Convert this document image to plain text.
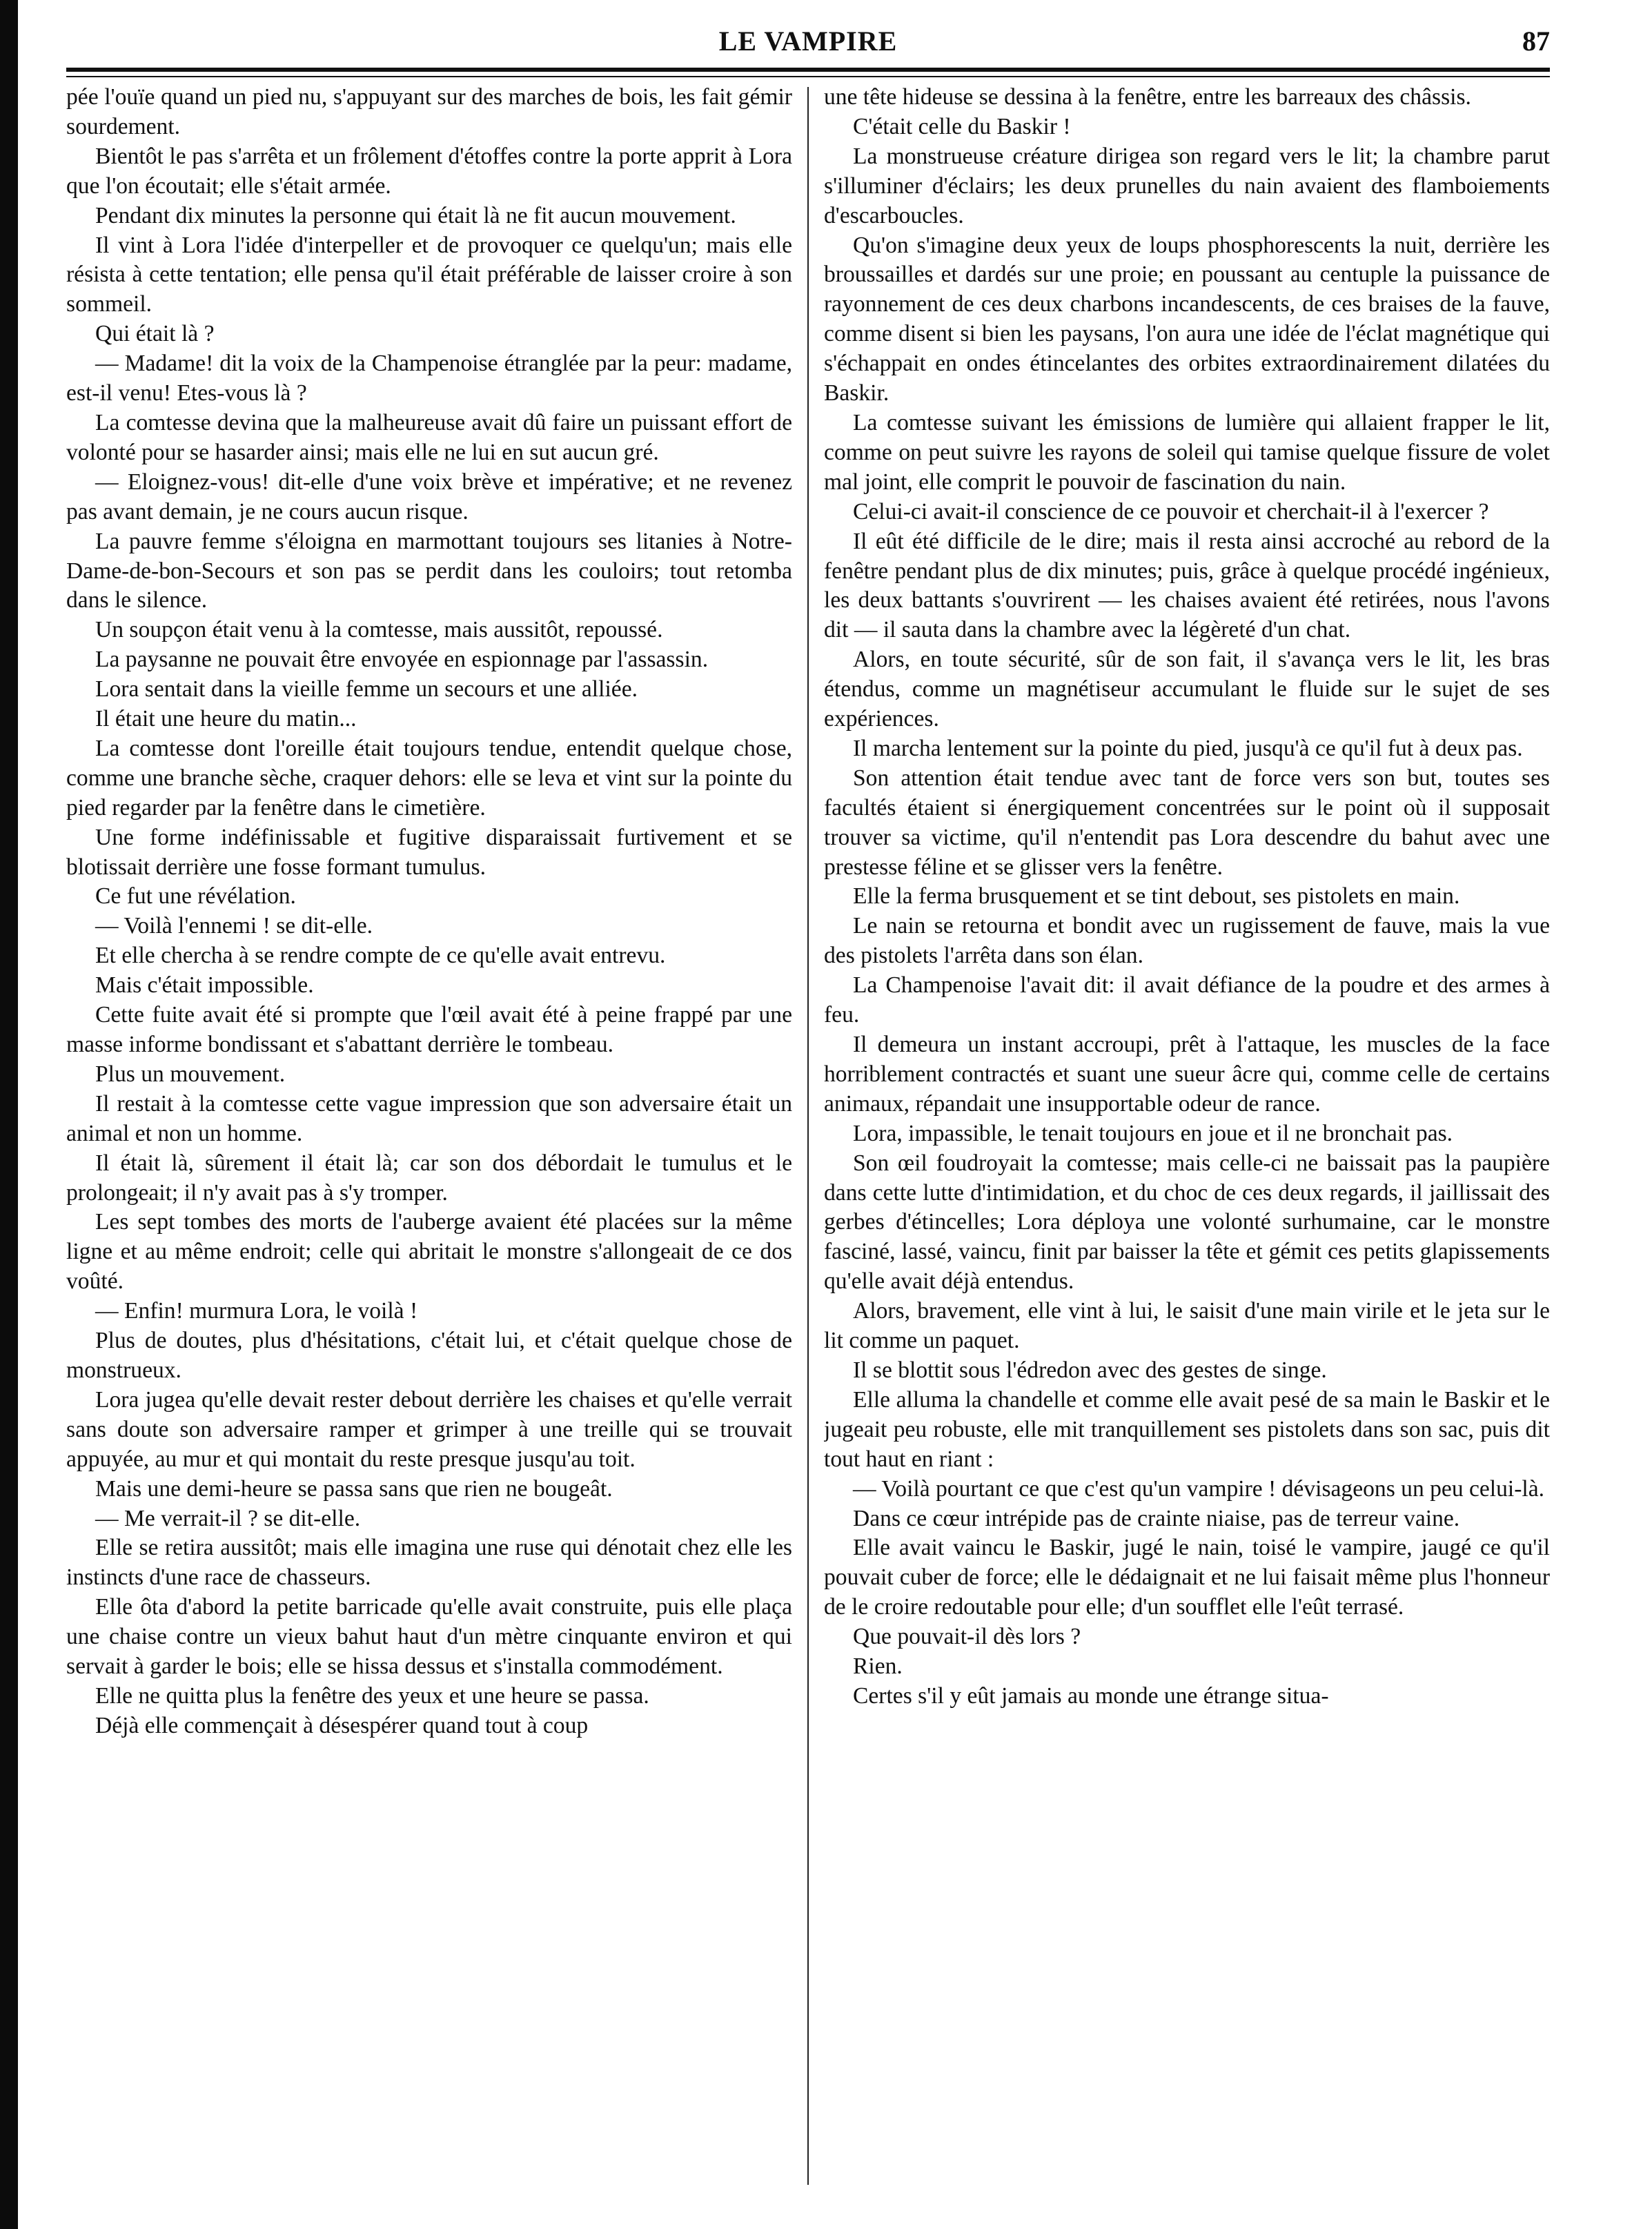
LE VAMPIRE	87

pée l'ouïe quand un pied nu, s'appuyant sur des marches de bois, les fait gémir sourdement.

Bientôt le pas s'arrêta et un frôlement d'étoffes contre la porte apprit à Lora que l'on écoutait; elle s'était armée.

Pendant dix minutes la personne qui était là ne fit aucun mouvement.

Il vint à Lora l'idée d'interpeller et de provoquer ce quelqu'un; mais elle résista à cette tentation; elle pensa qu'il était préférable de laisser croire à son sommeil.

Qui était là ?

— Madame! dit la voix de la Champenoise étranglée par la peur: madame, est-il venu! Etes-vous là ?

La comtesse devina que la malheureuse avait dû faire un puissant effort de volonté pour se hasarder ainsi; mais elle ne lui en sut aucun gré.

— Eloignez-vous! dit-elle d'une voix brève et impérative; et ne revenez pas avant demain, je ne cours aucun risque.

La pauvre femme s'éloigna en marmottant toujours ses litanies à Notre-Dame-de-bon-Secours et son pas se perdit dans les couloirs; tout retomba dans le silence.

Un soupçon était venu à la comtesse, mais aussitôt, repoussé.

La paysanne ne pouvait être envoyée en espionnage par l'assassin.

Lora sentait dans la vieille femme un secours et une alliée.

Il était une heure du matin...

La comtesse dont l'oreille était toujours tendue, entendit quelque chose, comme une branche sèche, craquer dehors: elle se leva et vint sur la pointe du pied regarder par la fenêtre dans le cimetière.

Une forme indéfinissable et fugitive disparaissait furtivement et se blotissait derrière une fosse formant tumulus.

Ce fut une révélation.

— Voilà l'ennemi ! se dit-elle.

Et elle chercha à se rendre compte de ce qu'elle avait entrevu.

Mais c'était impossible.

Cette fuite avait été si prompte que l'œil avait été à peine frappé par une masse informe bondissant et s'abattant derrière le tombeau.

Plus un mouvement.

Il restait à la comtesse cette vague impression que son adversaire était un animal et non un homme.

Il était là, sûrement il était là; car son dos débordait le tumulus et le prolongeait; il n'y avait pas à s'y tromper.

Les sept tombes des morts de l'auberge avaient été placées sur la même ligne et au même endroit; celle qui abritait le monstre s'allongeait de ce dos voûté.

— Enfin! murmura Lora, le voilà !

Plus de doutes, plus d'hésitations, c'était lui, et c'était quelque chose de monstrueux.

Lora jugea qu'elle devait rester debout derrière les chaises et qu'elle verrait sans doute son adversaire ramper et grimper à une treille qui se trouvait appuyée, au mur et qui montait du reste presque jusqu'au toit.

Mais une demi-heure se passa sans que rien ne bougeât.

— Me verrait-il ? se dit-elle.

Elle se retira aussitôt; mais elle imagina une ruse qui dénotait chez elle les instincts d'une race de chasseurs.

Elle ôta d'abord la petite barricade qu'elle avait construite, puis elle plaça une chaise contre un vieux bahut haut d'un mètre cinquante environ et qui servait à garder le bois; elle se hissa dessus et s'installa commodément.

Elle ne quitta plus la fenêtre des yeux et une heure se passa.

Déjà elle commençait à désespérer quand tout à coup

une tête hideuse se dessina à la fenêtre, entre les barreaux des châssis.

C'était celle du Baskir !

La monstrueuse créature dirigea son regard vers le lit; la chambre parut s'illuminer d'éclairs; les deux prunelles du nain avaient des flamboiements d'escarboucles.

Qu'on s'imagine deux yeux de loups phosphorescents la nuit, derrière les broussailles et dardés sur une proie; en poussant au centuple la puissance de rayonnement de ces deux charbons incandescents, de ces braises de la fauve, comme disent si bien les paysans, l'on aura une idée de l'éclat magnétique qui s'échappait en ondes étincelantes des orbites extraordinairement dilatées du Baskir.

La comtesse suivant les émissions de lumière qui allaient frapper le lit, comme on peut suivre les rayons de soleil qui tamise quelque fissure de volet mal joint, elle comprit le pouvoir de fascination du nain.

Celui-ci avait-il conscience de ce pouvoir et cherchait-il à l'exercer ?

Il eût été difficile de le dire; mais il resta ainsi accroché au rebord de la fenêtre pendant plus de dix minutes; puis, grâce à quelque procédé ingénieux, les deux battants s'ouvrirent — les chaises avaient été retirées, nous l'avons dit — il sauta dans la chambre avec la légèreté d'un chat.

Alors, en toute sécurité, sûr de son fait, il s'avança vers le lit, les bras étendus, comme un magnétiseur accumulant le fluide sur le sujet de ses expériences.

Il marcha lentement sur la pointe du pied, jusqu'à ce qu'il fut à deux pas.

Son attention était tendue avec tant de force vers son but, toutes ses facultés étaient si énergiquement concentrées sur le point où il supposait trouver sa victime, qu'il n'entendit pas Lora descendre du bahut avec une prestesse féline et se glisser vers la fenêtre.

Elle la ferma brusquement et se tint debout, ses pistolets en main.

Le nain se retourna et bondit avec un rugissement de fauve, mais la vue des pistolets l'arrêta dans son élan.

La Champenoise l'avait dit: il avait défiance de la poudre et des armes à feu.

Il demeura un instant accroupi, prêt à l'attaque, les muscles de la face horriblement contractés et suant une sueur âcre qui, comme celle de certains animaux, répandait une insupportable odeur de rance.

Lora, impassible, le tenait toujours en joue et il ne bronchait pas.

Son œil foudroyait la comtesse; mais celle-ci ne baissait pas la paupière dans cette lutte d'intimidation, et du choc de ces deux regards, il jaillissait des gerbes d'étincelles; Lora déploya une volonté surhumaine, car le monstre fasciné, lassé, vaincu, finit par baisser la tête et gémit ces petits glapissements qu'elle avait déjà entendus.

Alors, bravement, elle vint à lui, le saisit d'une main virile et le jeta sur le lit comme un paquet.

Il se blottit sous l'édredon avec des gestes de singe.

Elle alluma la chandelle et comme elle avait pesé de sa main le Baskir et le jugeait peu robuste, elle mit tranquillement ses pistolets dans son sac, puis dit tout haut en riant :

— Voilà pourtant ce que c'est qu'un vampire ! dévisageons un peu celui-là.

Dans ce cœur intrépide pas de crainte niaise, pas de terreur vaine.

Elle avait vaincu le Baskir, jugé le nain, toisé le vampire, jaugé ce qu'il pouvait cuber de force; elle le dédaignait et ne lui faisait même plus l'honneur de le croire redoutable pour elle; d'un soufflet elle l'eût terrasé.

Que pouvait-il dès lors ?

Rien.

Certes s'il y eût jamais au monde une étrange situa-
